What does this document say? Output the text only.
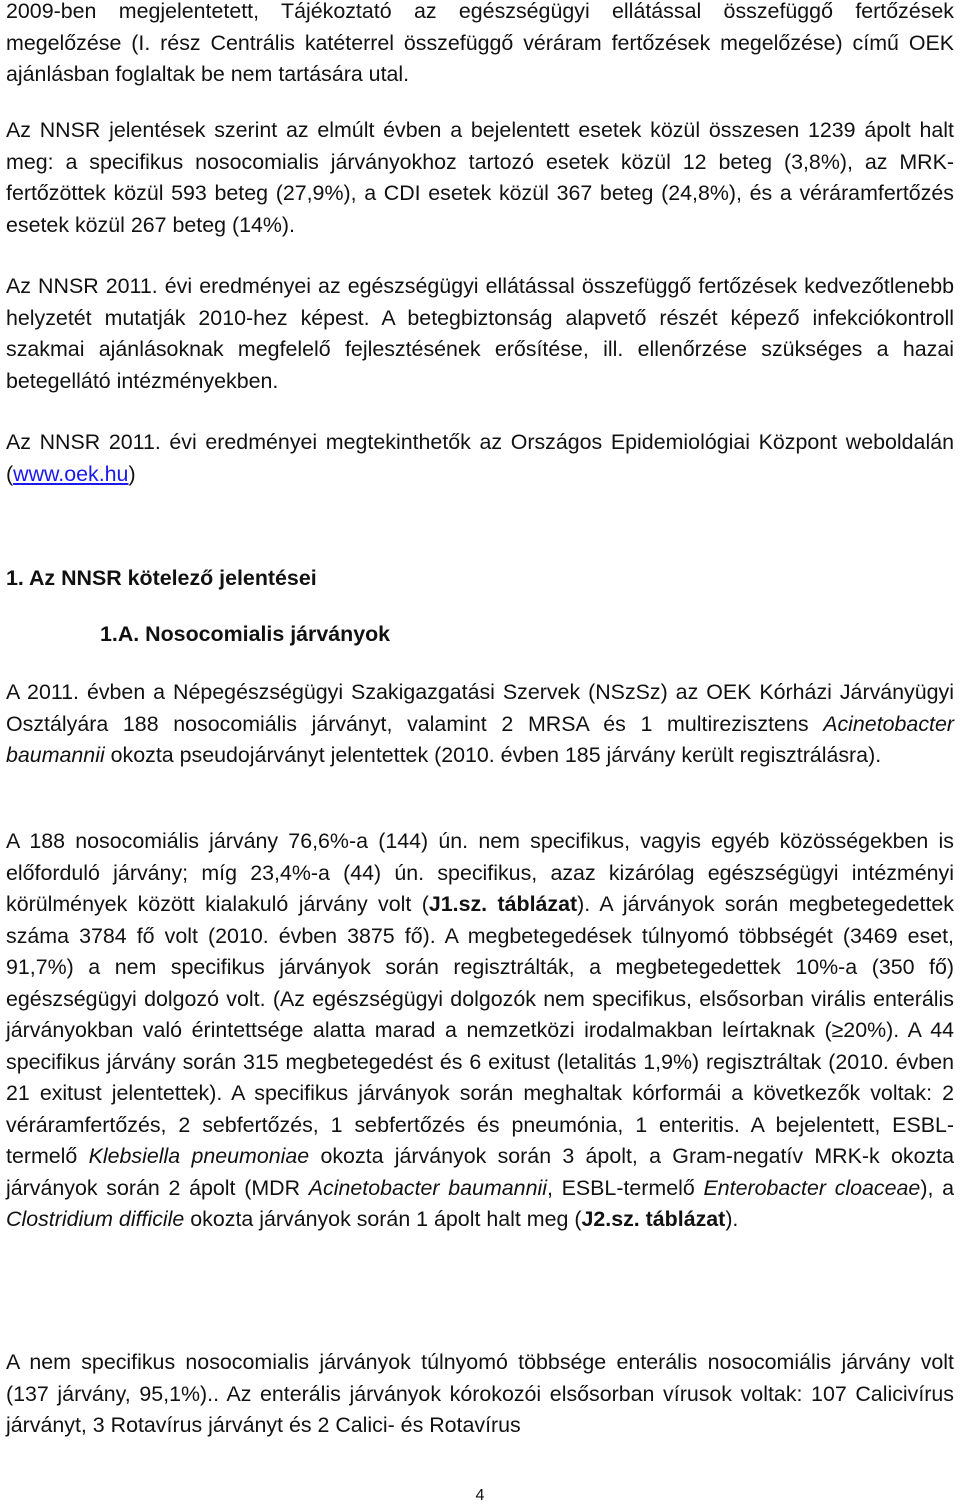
2009-ben megjelentetett, Tájékoztató az egészségügyi ellátással összefüggő fertőzések megelőzése (I. rész Centrális katéterrel összefüggő véráram fertőzések megelőzése) című OEK ajánlásban foglaltak be nem tartására utal.

Az NNSR jelentések szerint az elmúlt évben a bejelentett esetek közül összesen 1239 ápolt halt meg: a specifikus nosocomialis járványokhoz tartozó esetek közül 12 beteg (3,8%), az MRK-fertőzöttek közül 593 beteg (27,9%), a CDI esetek közül 367 beteg (24,8%), és a véráramfertőzés esetek közül 267 beteg (14%).

Az NNSR 2011. évi eredményei az egészségügyi ellátással összefüggő fertőzések kedvezőtlenebb helyzetét mutatják 2010-hez képest. A betegbiztonság alapvető részét képező infekciókontroll szakmai ajánlásoknak megfelelő fejlesztésének erősítése, ill. ellenőrzése szükséges a hazai betegellátó intézményekben.

Az NNSR 2011. évi eredményei megtekinthetők az Országos Epidemiológiai Központ weboldalán (www.oek.hu)

1. Az NNSR kötelező jelentései
1.A. Nosocomialis járványok

A 2011. évben a Népegészségügyi Szakigazgatási Szervek (NSzSz) az OEK Kórházi Járványügyi Osztályára 188 nosocomiális járványt, valamint 2 MRSA és 1 multirezisztens Acinetobacter baumannii okozta pseudojárványt jelentettek (2010. évben 185 járvány került regisztrálásra).

A 188 nosocomiális járvány 76,6%-a (144) ún. nem specifikus, vagyis egyéb közösségekben is előforduló járvány; míg 23,4%-a (44) ún. specifikus, azaz kizárólag egészségügyi intézményi körülmények között kialakuló járvány volt (J1.sz. táblázat). A járványok során megbetegedettek száma 3784 fő volt (2010. évben 3875 fő). A megbetegedések túlnyomó többségét (3469 eset, 91,7%) a nem specifikus járványok során regisztrálták, a megbetegedettek 10%-a (350 fő) egészségügyi dolgozó volt. (Az egészségügyi dolgozók nem specifikus, elsősorban virális enterális járványokban való érintettsége alatta marad a nemzetközi irodalmakban leírtaknak (≥20%). A 44 specifikus járvány során 315 megbetegedést és 6 exitust (letalitás 1,9%) regisztráltak (2010. évben 21 exitust jelentettek). A specifikus járványok során meghaltak kórformái a következők voltak: 2 véráramfertőzés, 2 sebfertőzés, 1 sebfertőzés és pneumónia, 1 enteritis. A bejelentett, ESBL-termelő Klebsiella pneumoniae okozta járványok során 3 ápolt, a Gram-negatív MRK-k okozta járványok során 2 ápolt (MDR Acinetobacter baumannii, ESBL-termelő Enterobacter cloaceae), a Clostridium difficile okozta járványok során 1 ápolt halt meg (J2.sz. táblázat).

A nem specifikus nosocomialis járványok túlnyomó többsége enterális nosocomiális járvány volt (137 járvány, 95,1%).. Az enterális járványok kórokozói elsősorban vírusok voltak: 107 Calicivírus járványt, 3 Rotavírus járványt és 2 Calici- és Rotavírus

4
